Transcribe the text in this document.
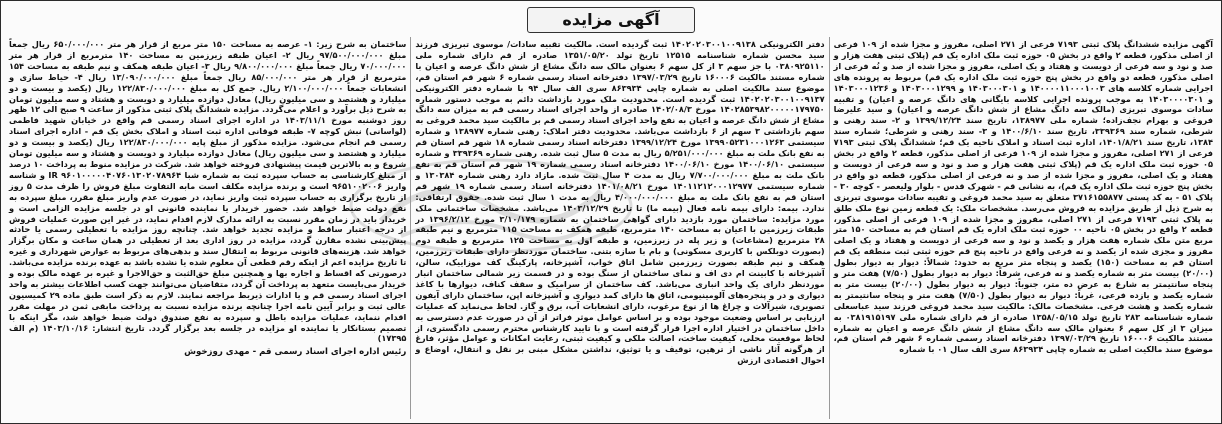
آگهی مزایده

آگهی مزایده ششدانگ پلاک ثبتی ۷۱۹۳ فرعی از ۲۷۱ اصلی، مفروز و مجزا شده از ۱۰۹ فرعی از اصلی مذکور، قطعه ۲ واقع در بخش ۰۵ حوزه ثبت ملک اداره یک قم (پلاک ثبتی هفت هزار و صد و نود و سه فرعی از دویست و هفتاد و یک اصلی، مفروز و مجزا شده از صد و نُه فرعی از اصلی مذکور، قطعه دو واقع در بخش پنج حوزه ثبت ملک اداره یک قم) مربوط به پرونده های اجرایی شماره کلاسه های ۱۴۰۰۰۰۱۱۰۰۰۱۰۰۳ و ۱۴۰۳۰۰۰۳۰۱ و ۱۴۰۳۰۰۰۱۲۹۹ و ۱۴۰۳۰۰۰۱۲۳۶ و ۱۴۰۳۰۰۰۰۳۰۱ به موجب پرونده اجرایی کلاسه بایگانی های دانگ عرصه و اعیان) و تقبیه سادات موسوی تبریزی (مالک سه دانگ مشاع از شش دانگ عرصه و اعیان) و سید علیرضا فروغی و بهرام نجف‌زاده؛ شماره ملی ۱۳۸۹۷۷، تاریخ سند ۱۳۹۹/۱۲/۲۴ و ۲- سند رهنی و شرطی، شماره سند ۳۳۹۳۶۹، تاریخ سند ۱۴۰۰/۶/۱۰ و ۳- سند رهنی و شرطی؛ شماره سند ۱۳۸۴، تاریخ سند ۱۴۰۱/۸/۲۱، اداره ثبت اسناد و املاک ناحیه یک قم؛ ششدانگ پلاک ثبتی ۷۱۹۳ فرعی از ۲۷۱ اصلی، مفروز و مجزا شده از ۱۰۹ فرعی از اصلی مذکور، قطعه ۲ واقع در بخش ۰۵ حوزه ثبت ملک اداره یک قم (پلاک ثبتی هفت هزار و صد و نود و سه فرعی از دویست و هفتاد و یک اصلی، مفروز و مجزا شده از صد و نه فرعی از اصلی مذکور، قطعه دو واقع در بخش پنج حوزه ثبت ملک اداره یک قم)، به نشانی قم - شهرک قدس - بلوار ولیعصر - کوچه ۳۰ - پلاک ۵۱ - به کد پستی ۳۷۱۶۱۵۵۸۷۷ متعلق به سید محمد فروغی و تقیبه سادات موسوی تبریزی به شرح ذیل از طریق مزایده به فروش می‌رسد. مشخصات ملک: یک قطعه زمین نوع ملک طلق به پلاک ثبتی ۷۱۹۳ فرعی از ۲۷۱ اصلی، مفروز و مجزا شده از ۱۰۹ فرعی از اصلی مذکور، قطعه ۲ واقع در بخش ۰۵ ناحیه ۰۰ حوزه ثبت ملک اداره یک قم استان قم به مساحت ۱۵۰ متر مربع متن ملک شماره هفت هزار و یکصد و نود و سه فرعی از دویست و هفتاد و یک اصلی مفروز و مجزی شده از یکصد و نه فرعی واقع در ناحیه پنج قم حوزه ثبتی ثبت منطقه یک قم استان قم به مساحت (۱۵۰) یکصد و پنجاه متر مربع به حدود: شمالاً: دیوار به دیوار بطول (۲۰/۰۰) بیست متر به شماره یکصد و نه فرعی، شرقاً: دیوار به دیوار بطول (۷/۵۰) هفت متر و پنجاه سانتیمتر به شارع به عرض ده متر، جنوباً: دیوار به دیوار بطول (۲۰/۰۰) بیست متر به شماره یکصد و یازده فرعی، غرباً: دیوار به دیوار بطول (۷/۵۰) هفت متر و پنجاه سانتیمتر به شماره یکصد و هشت فرعی. مشخصات مالک: مالکیت سید محمد فروغی فرزند سید عباسعلی شماره شناسنامه ۲۸۳ تاریخ تولد ۱۳۵۸/۰۵/۱۵ صادره از قم دارای شماره ملی ۰۳۸۱۹۱۵۱۹۷ به میزان ۳ از کل سهم ۶ بعنوان مالک سه دانگ مشاع از شش دانگ عرصه و اعیان به شماره مستند مالکیت ۱۶۰۰۰۶ تاریخ ۱۳۹۷/۰۳/۲۹ دفترخانه اسناد رسمی شماره ۶ شهر قم استان قم، موضوع سند مالکیت اصلی به شماره چاپی ۸۶۳۹۳۴ سری الف سال ۰۱ با شماره

دفتر الکترونیکی ۱۴۰۲۰۲۰۳۰۰۱۰۰۹۱۳۸ ثبت گردیده است. مالکیت تقبیه سادات/ موسوی تبریزی فرزند سید محسن شماره شناسنامه ۱۲۵۱۵ تاریخ تولد ۱۳۵۱/۰۵/۲۰ صادره از قم دارای شماره ملی ۰۳۸۰۹۲۵۱۱۰ با جز سهم ۳ از کل سهم ۶ بعنوان مالک سه دانگ مشاع از شش دانگ عرصه و اعیان با شماره مستند مالکیت ۱۶۰۰۰۶ تاریخ ۱۳۹۷/۰۳/۲۹ دفترخانه اسناد رسمی شماره ۶ شهر قم استان قم، موضوع سند مالکیت اصلی به شماره چاپی ۸۶۳۹۳۴ سری الف سال ۹۴ با شماره دفتر الکترونیکی ۱۴۰۲۰۲۰۳۰۰۱۰۰۹۱۳۷ ثبت گردیده است. محدودیت ملک مورد بازداشت دائم به موجب دستور شماره ۱۴۰۲۸۵۳۹۸۲۰۰۰۰۰۱۷۹۷۵۰ مورخ ۱۴۰۲/۰۸/۳ صادره از واحد اجرای اسناد رسمی قم به میزان سه دانگ مشاع از شش دانگ عرصه و اعیان به نفع واحد اجرای اسناد رسمی قم بر مالکیت سید محمد فروغی به سهم بازداشتی ۳ سهم از ۶ بازداشت می‌باشد. محدودیت دفتر املاک: رهنی شماره ۱۳۸۹۷۷ و شماره سیستمی ۱۳۹۹۰۵۲۳۱۰۰۰۱۲۶۳ مورخ ۱۳۹۹/۱۲/۲۴ دفترخانه اسناد رسمی شماره ۱۸ شهر قم استان قم به نفع بانک ملت به مبلغ ۵/۲۵۱/۰۰۰/۰۰۰ ریال به مدت ۵ سال ثبت شده. رهنی شماره ۳۳۹۳۶۹ و شماره سیستمی ۱۴۰۰/۰۶/۱۰ مورخ ۱۴۰۰/۰۶/۱۰ دفترخانه اسناد رسمی شماره ۱۹ شهر قم استان قم به نفع بانک ملت به مبلغ ۷/۷۰۰/۰۰۰/۰۰۰ ریال به مدت ۴ سال ثبت شده. مازاد دارد رهنی شماره ۱۳۰۳۸۴ و شماره سیستمی ۱۴۰۱۱۲۱۲۰۰۰۱۲۹۷۷ مورخ ۱۴۰۱/۰۸/۲۱ دفترخانه اسناد رسمی شماره ۱۹ شهر قم استان قم به نفع بانک ملت به مبلغ ۴/۰۰۰/۰۰۰/۰۰۰ ریال به مدت ۱ سال ثبت شده. حقوق ارتفاقی: ندارد. بیمه: دارای بیمه نامه فعال (بیمه ما) تا تاریخ ۱۴۰۳/۱۲/۲۹ می‌باشد. مشخصات ساختمانی ملک مورد مزایده: ساختمان مورد بازدید دارای گواهی ساختمان به شماره ۳/۱۰/۱۷۹ مورخ ۱۳۹۶/۲/۱۲ در طبقات زیرزمین با اعیان به مساحت ۱۴۰ مترمربع، طبقه همکف به مساحت ۱۱۵ مترمربع و نیم طبقه ۲۸ مترمربع (مشاعات) و زیر پله در زیرزمین، و طبقه اول به مساحت ۱۲۵ مترمربع و طبقه دوم (بصورت دوبلکس با کاربری مسکونی) و بام با سازه بتنی. ساختمان موردنظر دارای طبقات زیرزمین، همکف و نیم طبقه بصورت زیرزمین شامل اتاق خواب، آشپزخانه، پارکینگ کف موزاییک، سالن، آشپزخانه با کابینت ام دی اف و نمای ساختمان از سنگ بوده و در قسمت زیر شمالی ساختمان انبار موردنظر دارای یک واحد انباری می‌باشد. کف ساختمان از سرامیک و سقف کناف، دیوارها با کاغذ دیواری و در و پنجره‌های آلومینیومی، اتاق ها دارای کمد دیواری و آشپزخانه اپن، ساختمان دارای آیفون تصویری، شیرآلات و چراغ ها از نوع مرغوب، دارای انشعابات آب، برق و گاز. لحاظ می‌نماید که عملیات ارزیابی بر اساس وضعیت موجود بوده و بر اساس عوامل موثر فراتر از آن در صورت عدم دسترسی به داخل ساختمان در اختیار اداره اجرا قرار گرفته است و با تایید کارشناس محترم رسمی دادگستری، از لحاظ موقعیت محلی، کیفیت ساخت، اصالت ملکی و کیفیت ثبتی، رعایت امکانات و عوامل مؤثر، فارغ از هرگونه آثار ناشی از ترهین، توقیف و یا توثیق، نداشتن مشکل مبنی بر نقل و انتقال، اوضاع و احوال اقتصادی ارزش

ساختمان به شرح زیر: ۱- عرصه به مساحت ۱۵۰ متر مربع از قرار هر متر ۶۵۰/۰۰۰/۰۰۰ ریال جمعاً مبلغ ۹۷/۵۰۰/۰۰۰/۰۰۰ ریال ۲- اعیان طبقه زیرزمین به مساحت ۱۴۰ مترمربع از قرار هر متر ۷۰/۰۰۰/۰۰۰ ریال جمعاً مبلغ ۹/۸۰۰/۰۰۰/۰۰۰ ریال ۳- اعیان طبقه همکف و نیم طبقه به مساحت ۱۵۴ مترمربع از قرار هر متر ۸۵/۰۰۰/۰۰۰ ریال جمعاً مبلغ ۱۳/۰۹۰/۰۰۰/۰۰۰ ریال ۴- حیاط سازی و انشعابات جمعاً ۲/۱۰۰/۰۰۰/۰۰۰ ریال. جمع کل به مبلغ ۱۲۲/۸۳۰/۰۰۰/۰۰۰ ریال (یکصد و بیست و دو میلیارد و هشتصد و سی میلیون ریال) معادل دوازده میلیارد و دویست و هشتاد و سه میلیون تومان به شرح ذیل برآورد و اعلام می‌گردد. مزایده ششدانگ پلاک ثبتی مذکور از ساعت ۹ صبح الی ۱۲ ظهر روز دوشنبه مورخ ۱۴۰۳/۱۱/۱ در اداره اجرای اسناد رسمی قم واقع در خیابان شهید فاطمی (لواسانی) نبش کوچه ۷- طبقه فوقانی اداره ثبت اسناد و املاک بخش یک قم - اداره اجرای اسناد رسمی قم انجام می‌شود. مزایده مذکور از مبلغ پایه ۱۲۲/۸۳۰/۰۰۰/۰۰۰ ریال (یکصد و بیست و دو میلیارد و هشتصد و سی میلیون ریال) معادل دوازده میلیارد و دویست و هشتاد و سه میلیون تومان شروع و به بالاترین قیمت پیشنهادی فروخته خواهد شد. شرکت در مزایده منوط به پرداخت ۱۰ درصد از مبلغ کارشناسی به حساب سپرده ثبت به شماره شبا IR ۹۶۰۱۰۰۰۰۰۴۰۷۶۰۱۳۰۲۰۷۸۹۶۴ و شناسه واریز ۹۶۵۱۰۰۲۰۰۶ است و برنده مزایده مکلف است مابه التفاوت مبلغ فروش را ظرف مدت ۵ روز از تاریخ برگزاری به حساب سپرده ثبت واریز نماید، در صورت عدم واریز مبلغ مقرر، مبلغ سپرده به نفع دولت ضبط خواهد شد. حضور خریدار یا نماینده قانونی او در جلسه مزایده الزامی است و خریدار باید در زمان مقرر نسبت به ارائه مدارک لازم اقدام نماید، در غیر این صورت عملیات فروش از درجه اعتبار ساقط و مزایده تجدید خواهد شد. چنانچه روز مزایده با تعطیلی رسمی یا حادثه پیش‌بینی نشده مقارن گردد، مزایده در روز اداری بعد از تعطیلی در همان ساعت و مکان برگزار خواهد شد. هزینه‌های قانونی مربوط به انتقال سند و بدهی‌های مربوط به عوارض شهرداری و غیره تا تاریخ مزایده اعم از اینکه رقم قطعی آن معلوم شده یا نشده باشد به عهده برنده مزایده می‌باشد. درصورتی که اقساط و اجاره بها و همچنین مبلغ حق‌الثبت و حق‌الاجرا و غیره بر عهده مالک بوده و خریدار می‌بایست متعهد به پرداخت آن گردد، متقاضیان می‌توانند جهت کسب اطلاعات بیشتر به واحد اجرای اسناد رسمی قم و یا ادارات ذیربط مراجعه نمایند. لازم به ذکر است طبق ماده ۲۹ کمیسیون عالی ثبت و برابر آیین نامه اجرا چنانچه برنده مزایده نسبت به پرداخت مابقی ثمن در مهلت مقرر اقدام ننماید، عملیات مزایده باطل و سپرده به نفع صندوق دولت ضبط خواهد شد، مگر اینکه با تصمیم بستانکار یا نماینده او مزایده در جلسه بعد برگزار گردد. تاریخ انتشار: ۱۴۰۳/۱۰/۱۶ (م الف ۱۷۳۹۵)

رئیس اداره اجرای اسناد رسمی قم - مهدی روزخوش
